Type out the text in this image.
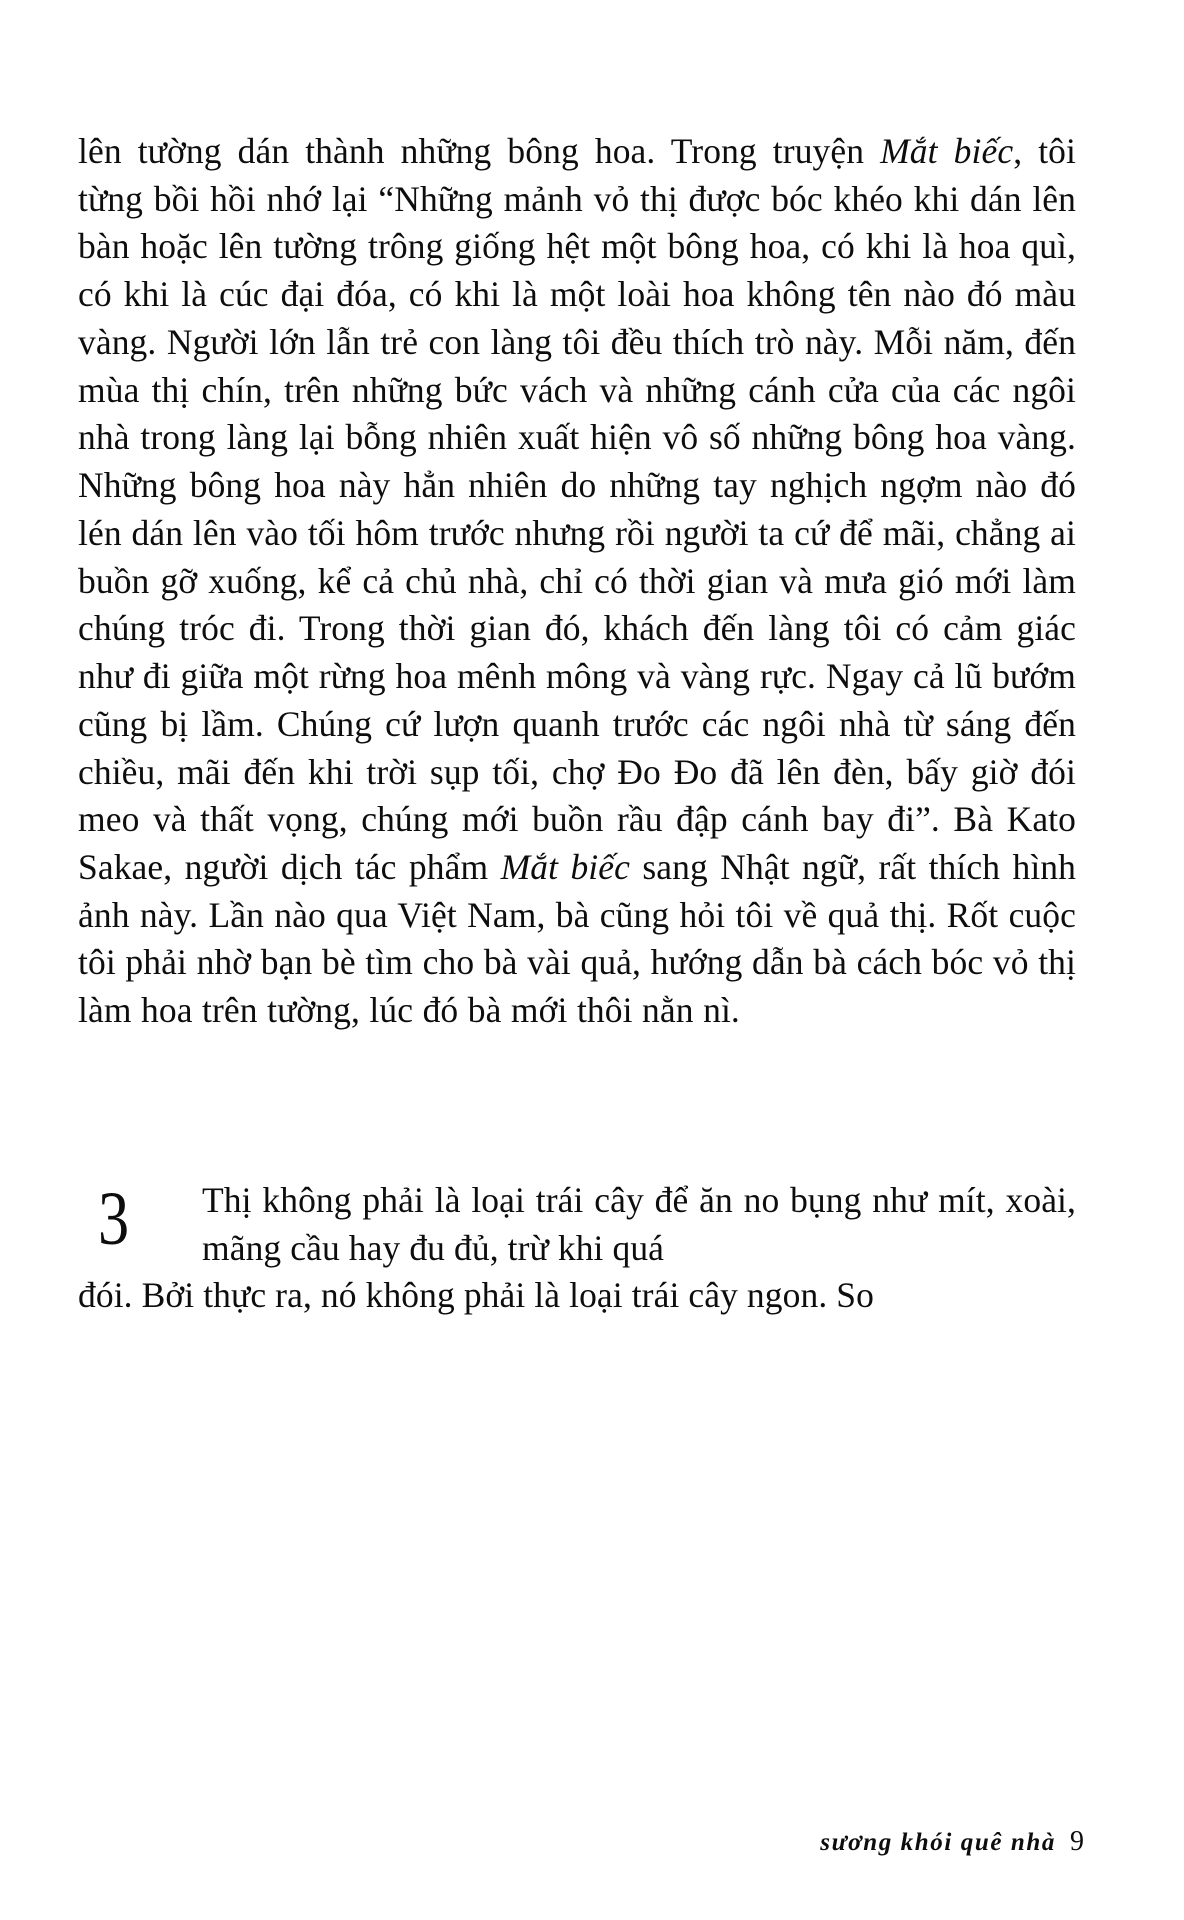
lên tường dán thành những bông hoa. Trong truyện Mắt biếc, tôi từng bồi hồi nhớ lại “Những mảnh vỏ thị được bóc khéo khi dán lên bàn hoặc lên tường trông giống hệt một bông hoa, có khi là hoa quì, có khi là cúc đại đóa, có khi là một loài hoa không tên nào đó màu vàng. Người lớn lẫn trẻ con làng tôi đều thích trò này. Mỗi năm, đến mùa thị chín, trên những bức vách và những cánh cửa của các ngôi nhà trong làng lại bỗng nhiên xuất hiện vô số những bông hoa vàng. Những bông hoa này hẳn nhiên do những tay nghịch ngợm nào đó lén dán lên vào tối hôm trước nhưng rồi người ta cứ để mãi, chẳng ai buồn gỡ xuống, kể cả chủ nhà, chỉ có thời gian và mưa gió mới làm chúng tróc đi. Trong thời gian đó, khách đến làng tôi có cảm giác như đi giữa một rừng hoa mênh mông và vàng rực. Ngay cả lũ bướm cũng bị lầm. Chúng cứ lượn quanh trước các ngôi nhà từ sáng đến chiều, mãi đến khi trời sụp tối, chợ Đo Đo đã lên đèn, bấy giờ đói meo và thất vọng, chúng mới buồn rầu đập cánh bay đi”. Bà Kato Sakae, người dịch tác phẩm Mắt biếc sang Nhật ngữ, rất thích hình ảnh này. Lần nào qua Việt Nam, bà cũng hỏi tôi về quả thị. Rốt cuộc tôi phải nhờ bạn bè tìm cho bà vài quả, hướng dẫn bà cách bóc vỏ thị làm hoa trên tường, lúc đó bà mới thôi nằn nì.

3	Thị không phải là loại trái cây để ăn no bụng như mít, xoài, mãng cầu hay đu đủ, trừ khi quá
đói. Bởi thực ra, nó không phải là loại trái cây ngon. So

sương khói quê nhà 9
